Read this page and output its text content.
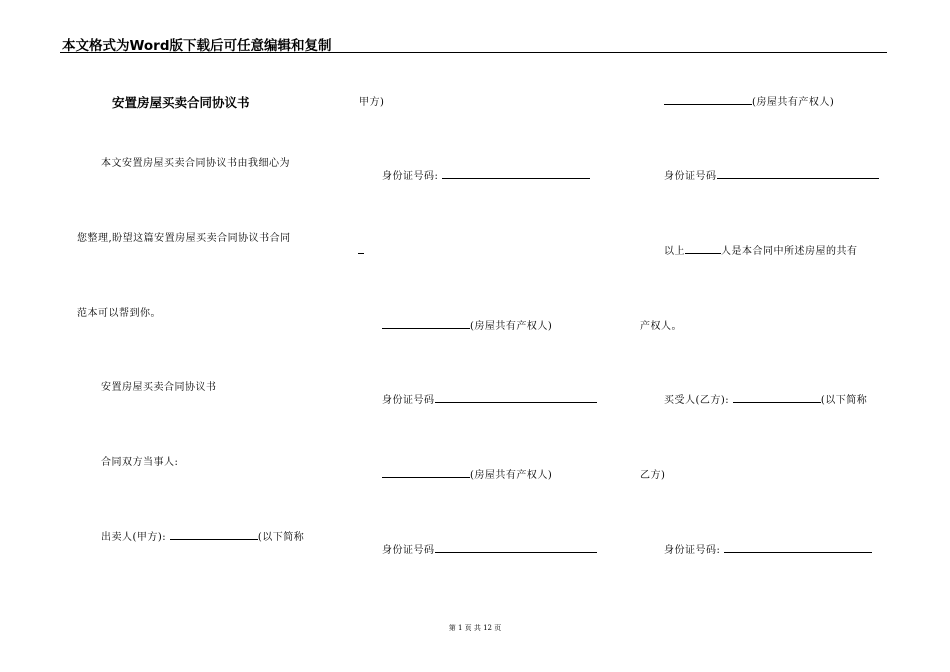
本文格式为Word版下载后可任意编辑和复制
安置房屋买卖合同协议书
本文安置房屋买卖合同协议书由我细心为
您整理,盼望这篇安置房屋买卖合同协议书合同
范本可以帮到你。
安置房屋买卖合同协议书
合同双方当事人:
出卖人(甲方):	(以下简称
甲方)
身份证号码:
(房屋共有产权人)
身份证号码
(房屋共有产权人)
身份证号码
(房屋共有产权人)
身份证号码
以上	人是本合同中所述房屋的共有
产权人。
买受人(乙方):	(以下简称
乙方)
身份证号码:
第 1 页 共 12 页
